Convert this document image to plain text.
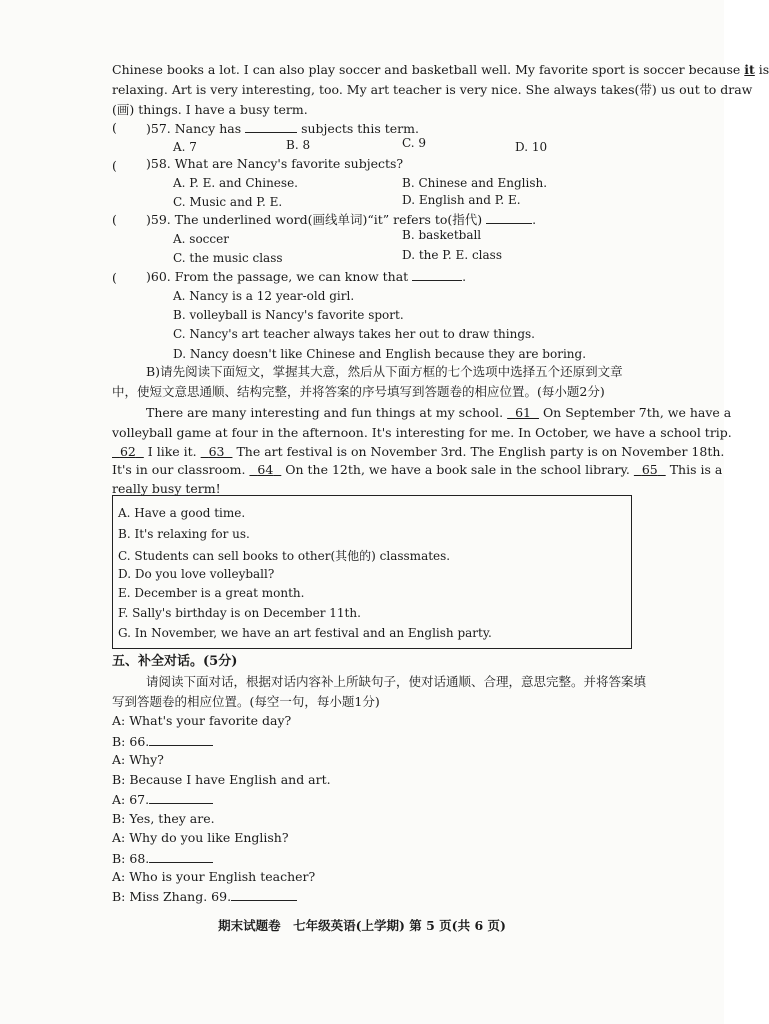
Chinese books a lot. I can also play soccer and basketball well. My favorite sport is soccer because it is
relaxing. Art is very interesting, too. My art teacher is very nice. She always takes(带) us out to draw
(画) things. I have a busy term.
( )57. Nancy has	subjects this term.
A. 7	B. 8	C. 9	D. 10
( )58. What are Nancy's favorite subjects?
A. P. E. and Chinese.	B. Chinese and English.
C. Music and P. E.	D. English and P. E.
( )59. The underlined word(画线单词)“it” refers to(指代)	.
A. soccer	B. basketball
C. the music class	D. the P. E. class
( )60. From the passage, we can know that	.
A. Nancy is a 12 year-old girl.
B. volleyball is Nancy's favorite sport.
C. Nancy's art teacher always takes her out to draw things.
D. Nancy doesn't like Chinese and English because they are boring.
B)请先阅读下面短文，掌握其大意，然后从下面方框的七个选项中选择五个还原到文章
中，使短文意思通顺、结构完整，并将答案的序号填写到答题卷的相应位置。(每小题2分)
There are many interesting and fun things at my school. 61 On September 7th, we have a
volleyball game at four in the afternoon. It's interesting for me. In October, we have a school trip.
62 I like it. 63 The art festival is on November 3rd. The English party is on November 18th.
It's in our classroom. 64 On the 12th, we have a book sale in the school library. 65 This is a
really busy term!
A. Have a good time.
B. It's relaxing for us.
C. Students can sell books to other(其他的) classmates.
D. Do you love volleyball?
E. December is a great month.
F. Sally's birthday is on December 11th.
G. In November, we have an art festival and an English party.
五、补全对话。(5分)
请阅读下面对话，根据对话内容补上所缺句子，使对话通顺、合理，意思完整。并将答案填
写到答题卷的相应位置。(每空一句，每小题1分)
A: What's your favorite day?
B: 66.
A: Why?
B: Because I have English and art.
A: 67.
B: Yes, they are.
A: Why do you like English?
B: 68.
A: Who is your English teacher?
B: Miss Zhang. 69.
期末试题卷　七年级英语(上学期) 第 5 页(共 6 页)
